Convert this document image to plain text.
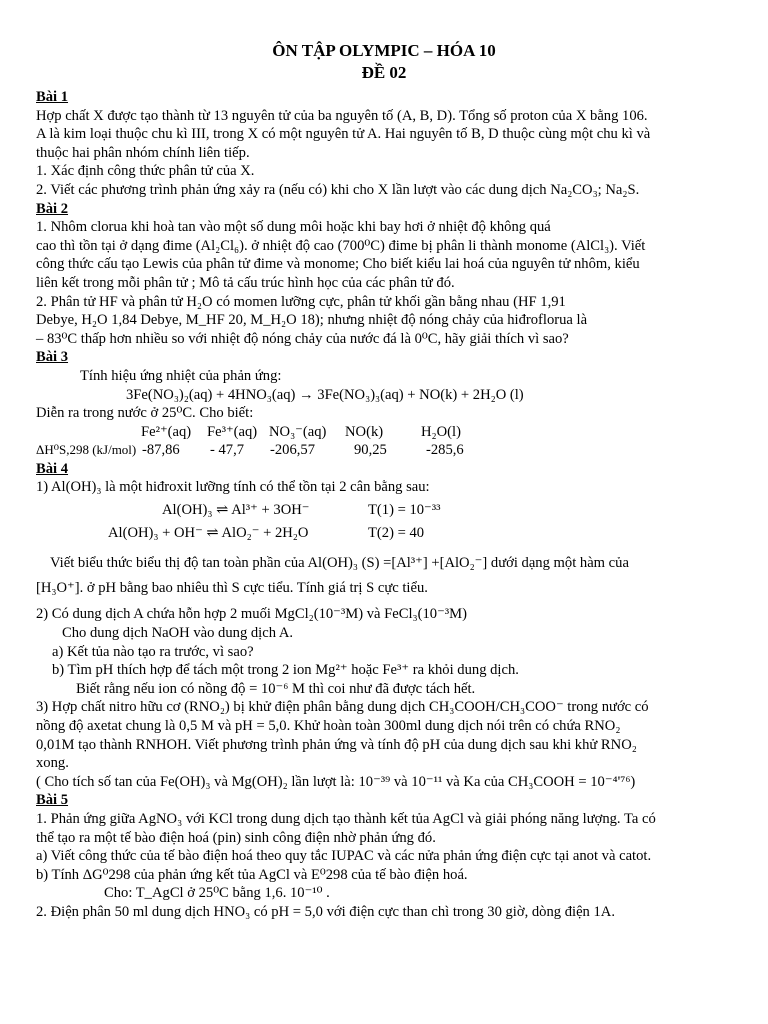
ÔN TẬP OLYMPIC – HÓA 10
ĐỀ 02

Bài 1

Hợp chất X được tạo thành từ 13 nguyên tử của ba nguyên tố (A, B, D). Tổng số proton của X bằng 106.

A là kim loại thuộc chu kì III, trong X có một nguyên tử A. Hai nguyên tố B, D thuộc cùng một chu kì và

thuộc hai phân nhóm chính liên tiếp.

1. Xác định công thức phân tử của X.

2. Viết các phương trình phản ứng xảy ra (nếu có) khi cho X lần lượt vào các dung dịch Na₂CO₃; Na₂S.

Bài 2

1. Nhôm clorua khi hoà tan vào một số dung môi hoặc khi bay hơi ở nhiệt độ không quá

cao thì tồn tại ở dạng đime (Al₂Cl₆). ở nhiệt độ cao (700⁰C) đime bị phân li thành monome (AlCl₃). Viết

công thức cấu tạo Lewis của phân tử đime và monome; Cho biết kiểu lai hoá của nguyên tử nhôm, kiểu

liên kết trong mỗi phân tử ; Mô tả cấu trúc hình học của các phân tử đó.

2. Phân tử HF và phân tử H₂O có momen lưỡng cực, phân tử khối gần bằng nhau (HF 1,91

Debye, H₂O 1,84 Debye, M_HF 20, M_H₂O 18); nhưng nhiệt độ nóng chảy của hiđroflorua là

– 83⁰C thấp hơn nhiều so với nhiệt độ nóng chảy của nước đá là 0⁰C, hãy giải thích vì sao?

Bài 3

Tính hiệu ứng nhiệt của phản ứng:

3Fe(NO₃)₂(aq) + 4HNO₃(aq) → 3Fe(NO₃)₃(aq) + NO(k) + 2H₂O (l)

Diễn ra trong nước ở 25⁰C. Cho biết:

Fe²⁺(aq)	Fe³⁺(aq) NO₃⁻(aq)	NO(k)	H₂O(l)
ΔH⁰S,298 (kJ/mol) -87,86	- 47,7	-206,57	90,25	-285,6

Bài 4

1) Al(OH)₃ là một hiđroxit lưỡng tính có thể tồn tại 2 cân bằng sau:

Al(OH)₃ ⇌ Al³⁺ + 3OH⁻	T(1) = 10⁻³³
Al(OH)₃ + OH⁻ ⇌ AlO₂⁻ + 2H₂O	T(2) = 40

Viết biểu thức biểu thị độ tan toàn phần của Al(OH)₃ (S) =[Al³⁺] +[AlO₂⁻] dưới dạng một hàm của

[H₃O⁺]. ở pH bằng bao nhiêu thì S cực tiểu. Tính giá trị S cực tiểu.

2) Có dung dịch A chứa hỗn hợp 2 muối MgCl₂(10⁻³M) và FeCl₃(10⁻³M)

Cho dung dịch NaOH vào dung dịch A.

a) Kết tủa nào tạo ra trước, vì sao?

b) Tìm pH thích hợp để tách một trong 2 ion Mg²⁺ hoặc Fe³⁺ ra khỏi dung dịch.

Biết rằng nếu ion có nồng độ = 10⁻⁶ M thì coi như đã được tách hết.

3) Hợp chất nitro hữu cơ (RNO₂) bị khử điện phân bằng dung dịch CH₃COOH/CH₃COO⁻ trong nước có

nồng độ axetat chung là 0,5 M và pH = 5,0. Khử hoàn toàn 300ml dung dịch nói trên có chứa RNO₂

0,01M tạo thành RNHOH. Viết phương trình phản ứng và tính độ pH của dung dịch sau khi khử RNO₂

xong.

( Cho tích số tan của Fe(OH)₃ và Mg(OH)₂ lần lượt là: 10⁻³⁹ và 10⁻¹¹ và Ka của CH₃COOH = 10⁻⁴'⁷⁶)

Bài 5

1. Phản ứng giữa AgNO₃ với KCl trong dung dịch tạo thành kết tủa AgCl và giải phóng năng lượng. Ta có

thể tạo ra một tế bào điện hoá (pin) sinh công điện nhờ phản ứng đó.

a) Viết công thức của tế bào điện hoá theo quy tắc IUPAC và các nửa phản ứng điện cực tại anot và catot.

b) Tính ΔG⁰298 của phản ứng kết tủa AgCl và E⁰298 của tế bào điện hoá.

Cho: T_AgCl ở 25⁰C bằng 1,6. 10⁻¹⁰ .

2. Điện phân 50 ml dung dịch HNO₃ có pH = 5,0 với điện cực than chì trong 30 giờ, dòng điện 1A.
